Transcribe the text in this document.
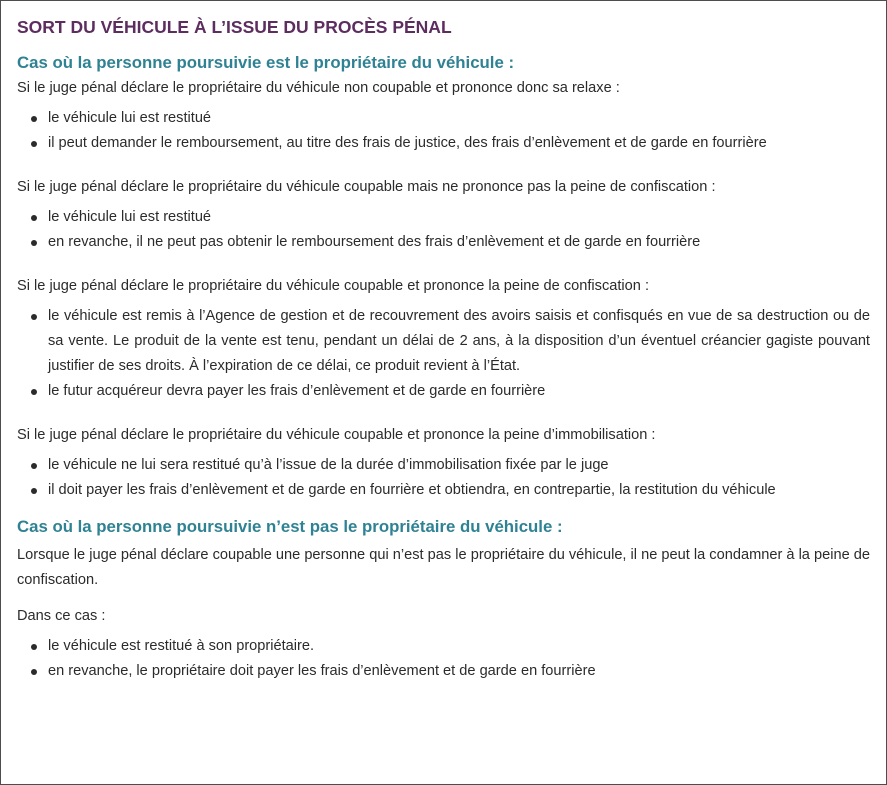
SORT DU VÉHICULE À L’ISSUE DU PROCÈS PÉNAL
Cas où la personne poursuivie est le propriétaire du véhicule :

Si le juge pénal déclare le propriétaire du véhicule non coupable et prononce donc sa relaxe :

le véhicule lui est restitué
il peut demander le remboursement, au titre des frais de justice, des frais d’enlèvement et de garde en fourrière

Si le juge pénal déclare le propriétaire du véhicule coupable mais ne prononce pas la peine de confiscation :

le véhicule lui est restitué
en revanche, il ne peut pas obtenir le remboursement des frais d’enlèvement et de garde en fourrière

Si le juge pénal déclare le propriétaire du véhicule coupable et prononce la peine de confiscation :

le véhicule est remis à l’Agence de gestion et de recouvrement des avoirs saisis et confisqués en vue de sa destruction ou de sa vente. Le produit de la vente est tenu, pendant un délai de 2 ans, à la disposition d’un éventuel créancier gagiste pouvant justifier de ses droits. À l’expiration de ce délai, ce produit revient à l’État.
le futur acquéreur devra payer les frais d’enlèvement et de garde en fourrière

Si le juge pénal déclare le propriétaire du véhicule coupable et prononce la peine d’immobilisation :

le véhicule ne lui sera restitué qu’à l’issue de la durée d’immobilisation fixée par le juge
il doit payer les frais d’enlèvement et de garde en fourrière et obtiendra, en contrepartie, la restitution du véhicule
Cas où la personne poursuivie n’est pas le propriétaire du véhicule :

Lorsque le juge pénal déclare coupable une personne qui n’est pas le propriétaire du véhicule, il ne peut la condamner à la peine de confiscation.

Dans ce cas :

le véhicule est restitué à son propriétaire.
en revanche, le propriétaire doit payer les frais d’enlèvement et de garde en fourrière
